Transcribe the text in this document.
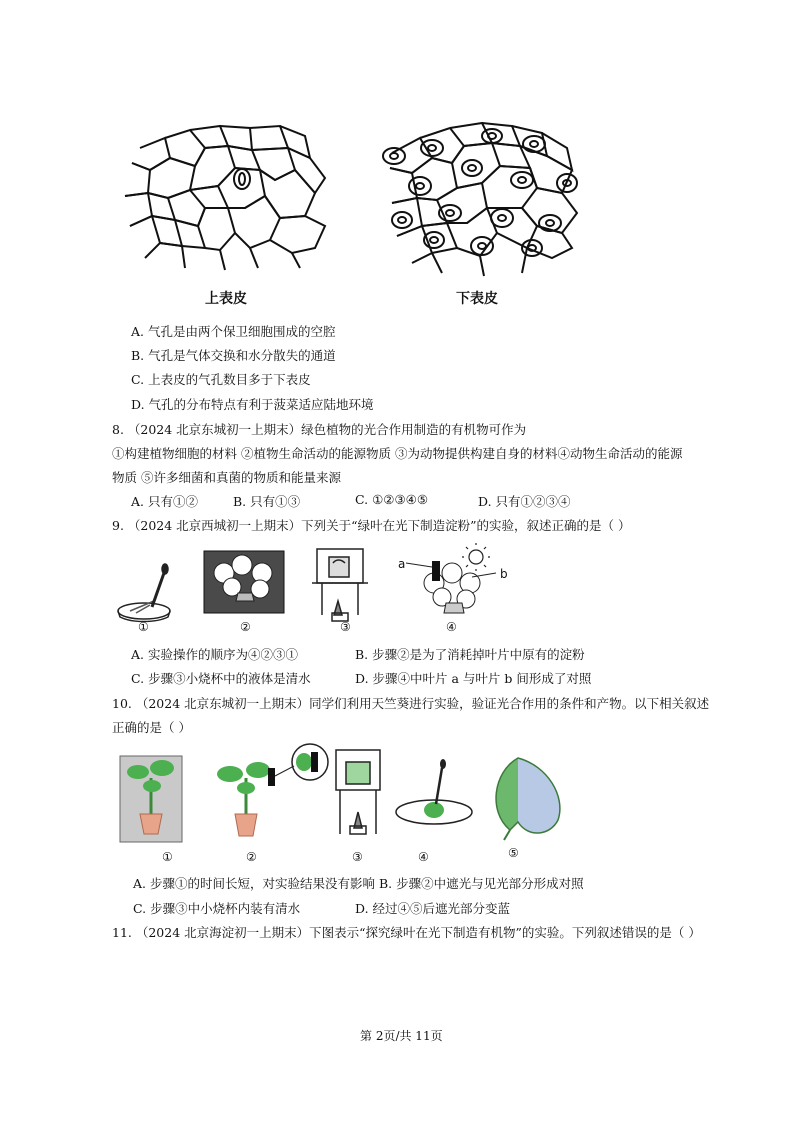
上表皮	下表皮
A. 气孔是由两个保卫细胞围成的空腔
B. 气孔是气体交换和水分散失的通道
C. 上表皮的气孔数目多于下表皮
D. 气孔的分布特点有利于菠菜适应陆地环境
8. （2024 北京东城初一上期末）绿色植物的光合作用制造的有机物可作为
①构建植物细胞的材料 ②植物生命活动的能源物质 ③为动物提供构建自身的材料④动物生命活动的能源
物质 ⑤许多细菌和真菌的物质和能量来源
A. 只有①②	B. 只有①③	C. ①②③④⑤	D. 只有①②③④
9. （2024 北京西城初一上期末）下列关于“绿叶在光下制造淀粉”的实验，叙述正确的是（ ）
a
b
①	②	③	④
A. 实验操作的顺序为④②③①	B. 步骤②是为了消耗掉叶片中原有的淀粉
C. 步骤③小烧杯中的液体是清水	D. 步骤④中叶片 a 与叶片 b 间形成了对照
10. （2024 北京东城初一上期末）同学们利用天竺葵进行实验，验证光合作用的条件和产物。以下相关叙述
正确的是（ ）
①	②	③	④	⑤
A. 步骤①的时间长短，对实验结果没有影响 B. 步骤②中遮光与见光部分形成对照
C. 步骤③中小烧杯内装有清水	D. 经过④⑤后遮光部分变蓝
11. （2024 北京海淀初一上期末）下图表示“探究绿叶在光下制造有机物”的实验。下列叙述错误的是（ ）
第 2页/共 11页
